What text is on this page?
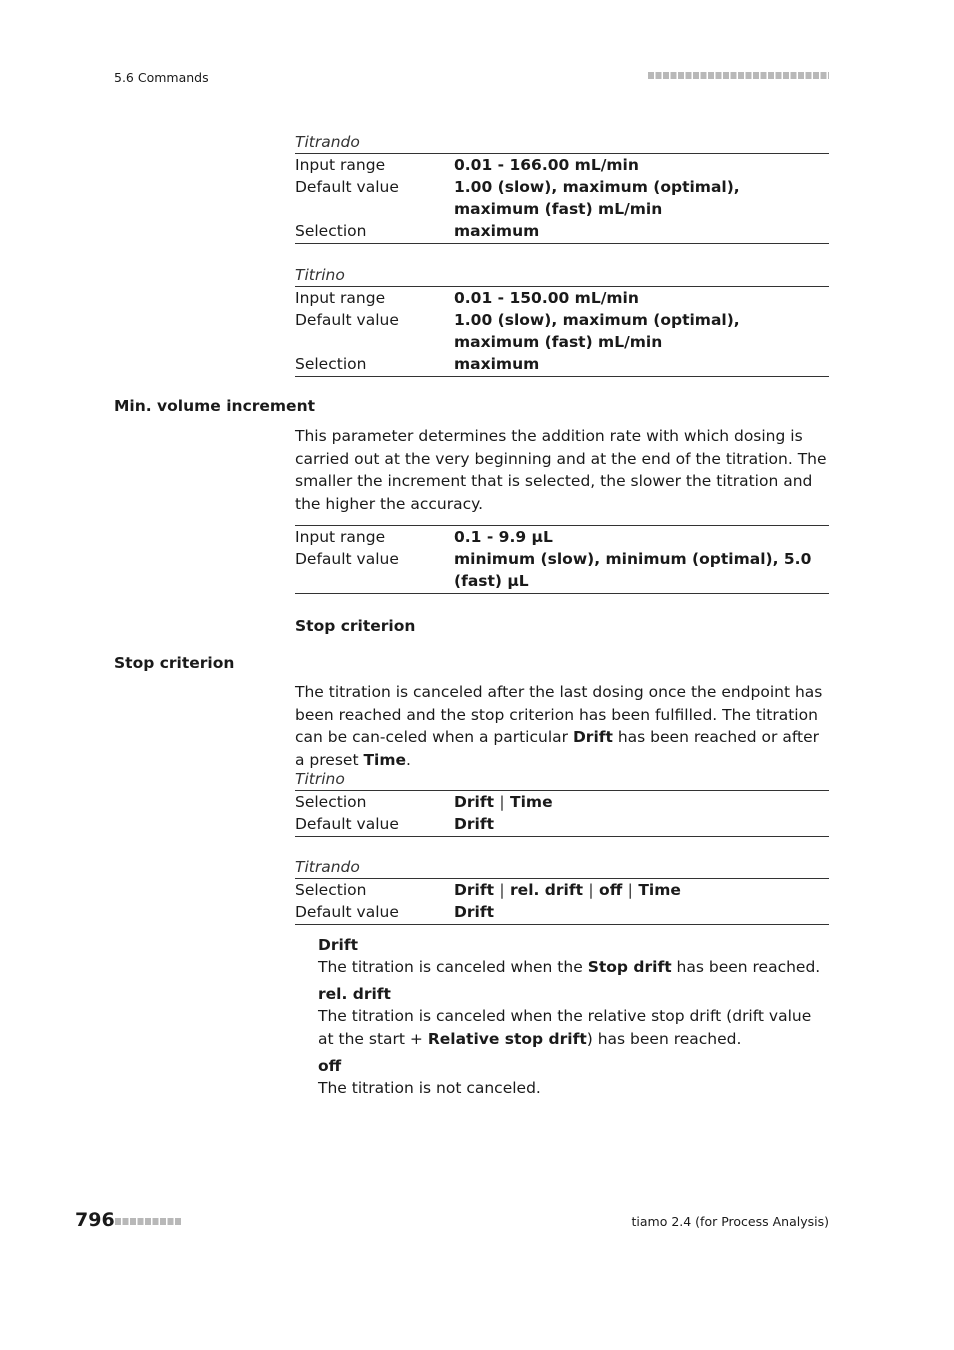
5.6 Commands
Titrando
Input range	0.01 - 166.00 mL/min
Default value	1.00 (slow), maximum (optimal), maximum (fast) mL/min
Selection	maximum
Titrino
Input range	0.01 - 150.00 mL/min
Default value	1.00 (slow), maximum (optimal), maximum (fast) mL/min
Selection	maximum
Min. volume increment
This parameter determines the addition rate with which dosing is carried out at the very beginning and at the end of the titration. The smaller the increment that is selected, the slower the titration and the higher the accuracy.
Input range	0.1 - 9.9 µL
Default value	minimum (slow), minimum (optimal), 5.0 (fast) µL
Stop criterion
Stop criterion
The titration is canceled after the last dosing once the endpoint has been reached and the stop criterion has been fulfilled. The titration can be can-celed when a particular Drift has been reached or after a preset Time.
Titrino
Selection	Drift | Time
Default value	Drift
Titrando
Selection	Drift | rel. drift | off | Time
Default value	Drift
Drift
The titration is canceled when the Stop drift has been reached.
rel. drift
The titration is canceled when the relative stop drift (drift value at the start + Relative stop drift) has been reached.
off
The titration is not canceled.
796	tiamo 2.4 (for Process Analysis)
